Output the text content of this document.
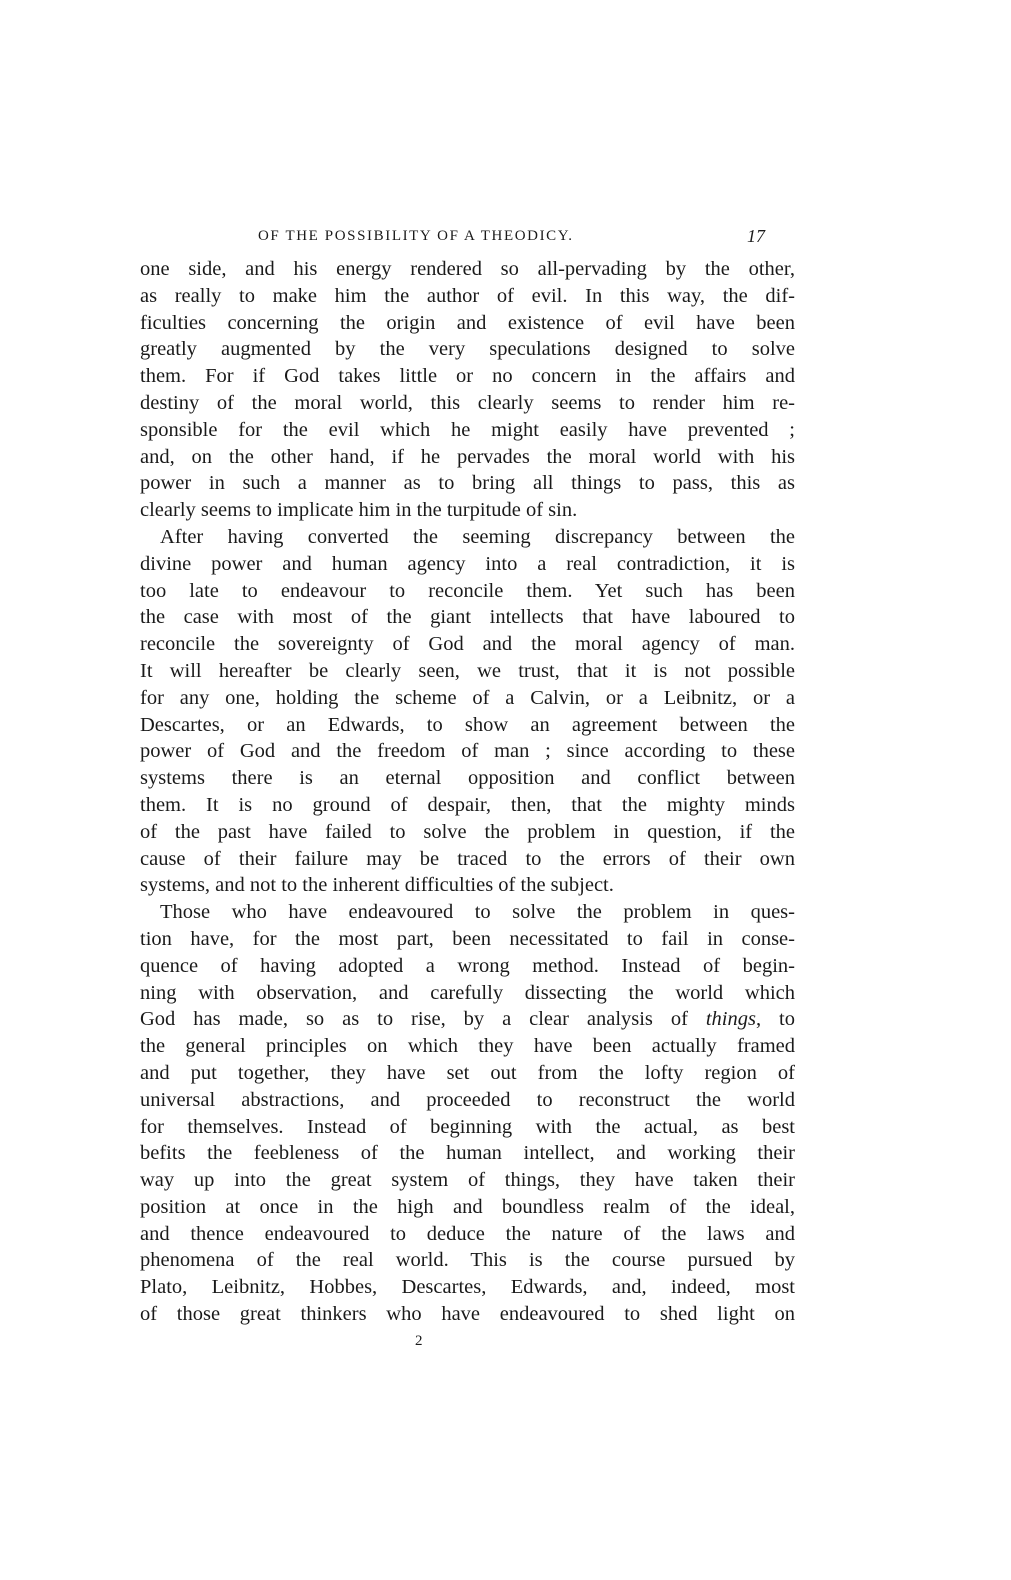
OF THE POSSIBILITY OF A THEODICY.	17
one side, and his energy rendered so all-pervading by the other,
as really to make him the author of evil. In this way, the dif-
ficulties concerning the origin and existence of evil have been
greatly augmented by the very speculations designed to solve
them. For if God takes little or no concern in the affairs and
destiny of the moral world, this clearly seems to render him re-
sponsible for the evil which he might easily have prevented ;
and, on the other hand, if he pervades the moral world with his
power in such a manner as to bring all things to pass, this as
clearly seems to implicate him in the turpitude of sin.
After having converted the seeming discrepancy between the
divine power and human agency into a real contradiction, it is
too late to endeavour to reconcile them. Yet such has been
the case with most of the giant intellects that have laboured to
reconcile the sovereignty of God and the moral agency of man.
It will hereafter be clearly seen, we trust, that it is not possible
for any one, holding the scheme of a Calvin, or a Leibnitz, or a
Descartes, or an Edwards, to show an agreement between the
power of God and the freedom of man ; since according to these
systems there is an eternal opposition and conflict between
them. It is no ground of despair, then, that the mighty minds
of the past have failed to solve the problem in question, if the
cause of their failure may be traced to the errors of their own
systems, and not to the inherent difficulties of the subject.
Those who have endeavoured to solve the problem in ques-
tion have, for the most part, been necessitated to fail in conse-
quence of having adopted a wrong method. Instead of begin-
ning with observation, and carefully dissecting the world which
God has made, so as to rise, by a clear analysis of things, to
the general principles on which they have been actually framed
and put together, they have set out from the lofty region of
universal abstractions, and proceeded to reconstruct the world
for themselves. Instead of beginning with the actual, as best
befits the feebleness of the human intellect, and working their
way up into the great system of things, they have taken their
position at once in the high and boundless realm of the ideal,
and thence endeavoured to deduce the nature of the laws and
phenomena of the real world. This is the course pursued by
Plato, Leibnitz, Hobbes, Descartes, Edwards, and, indeed, most
of those great thinkers who have endeavoured to shed light on
2
